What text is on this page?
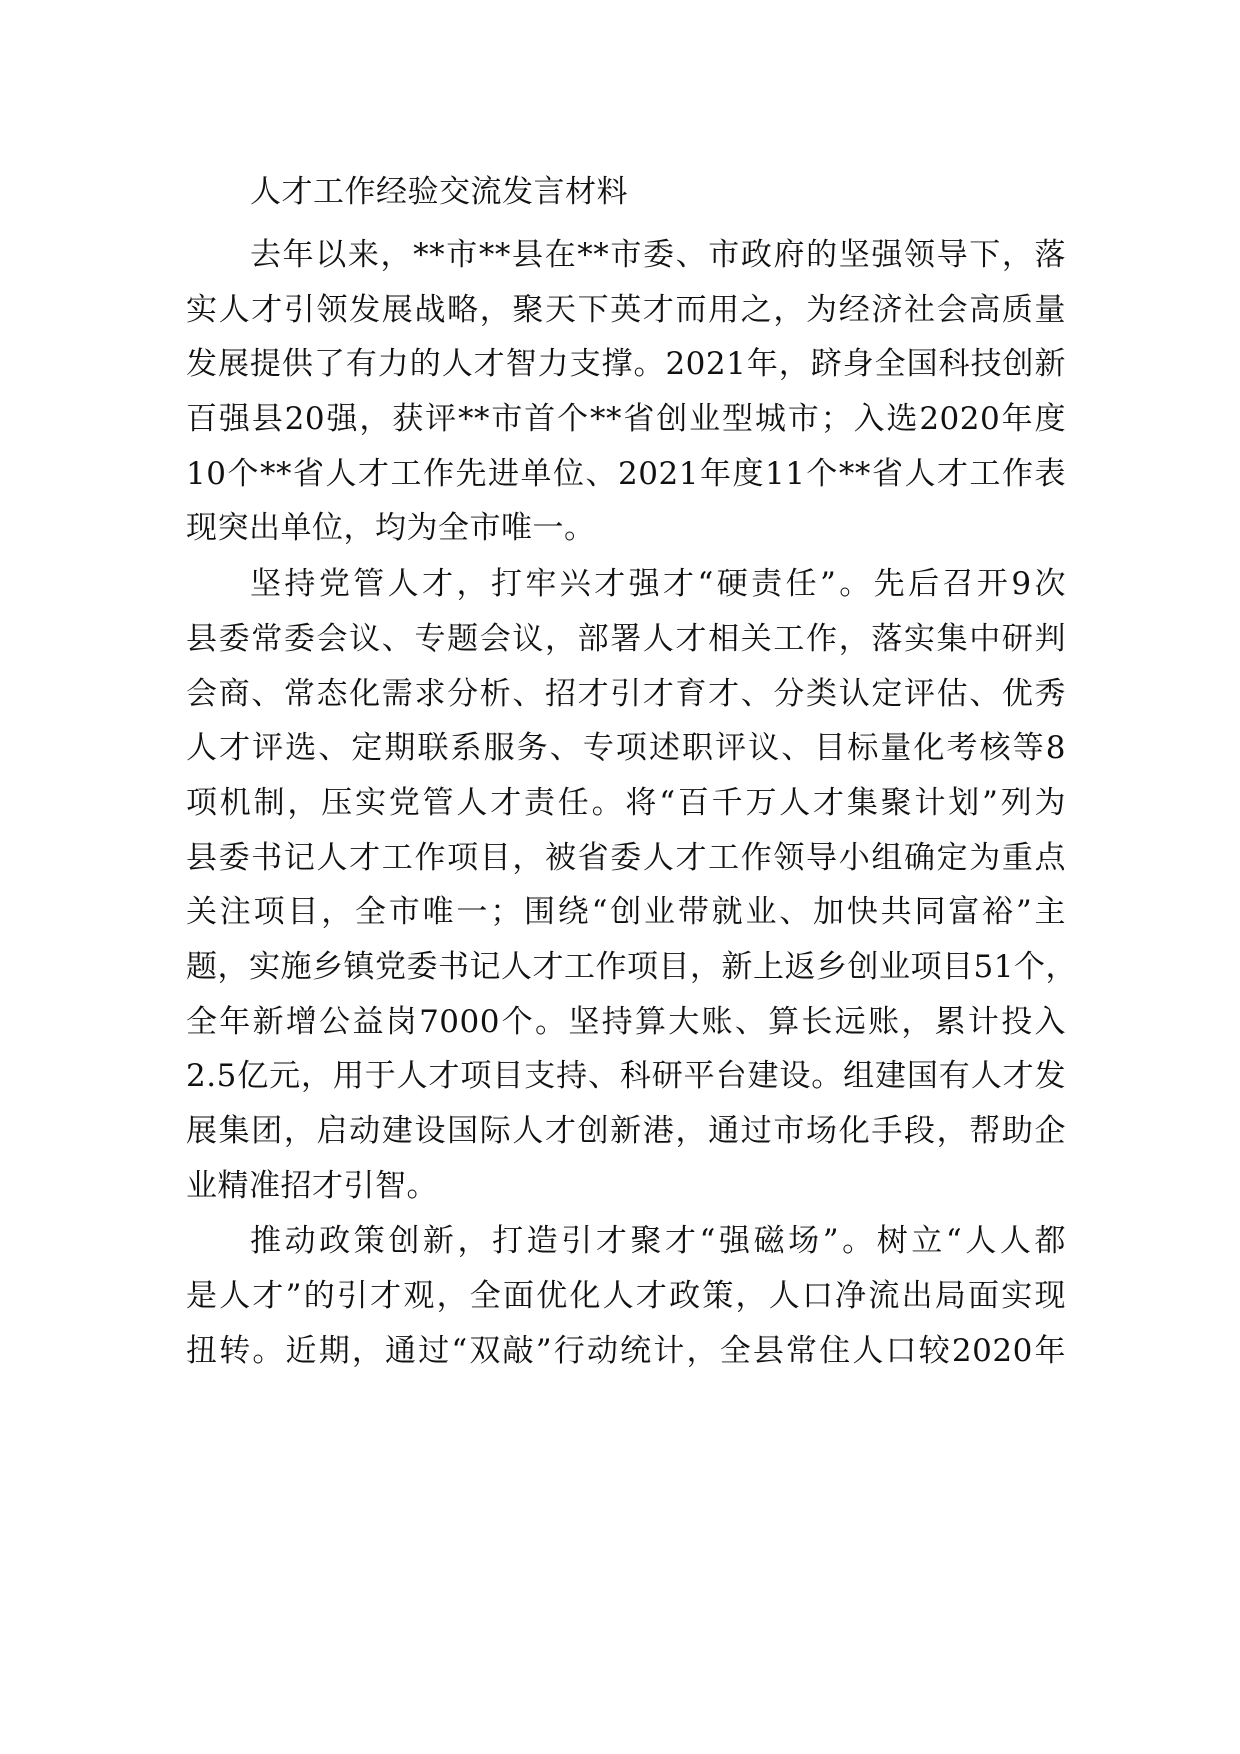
人才工作经验交流发言材料
去年以来，**市**县在**市委、市政府的坚强领导下，落
实人才引领发展战略，聚天下英才而用之，为经济社会高质量
发展提供了有力的人才智力支撑。2021年，跻身全国科技创新
百强县20强，获评**市首个**省创业型城市；入选2020年度
10个**省人才工作先进单位、2021年度11个**省人才工作表
现突出单位，均为全市唯一。
坚持党管人才，打牢兴才强才“硬责任”。先后召开9次
县委常委会议、专题会议，部署人才相关工作，落实集中研判
会商、常态化需求分析、招才引才育才、分类认定评估、优秀
人才评选、定期联系服务、专项述职评议、目标量化考核等8
项机制，压实党管人才责任。将“百千万人才集聚计划”列为
县委书记人才工作项目，被省委人才工作领导小组确定为重点
关注项目，全市唯一；围绕“创业带就业、加快共同富裕”主
题，实施乡镇党委书记人才工作项目，新上返乡创业项目51个，
全年新增公益岗7000个。坚持算大账、算长远账，累计投入
2.5亿元，用于人才项目支持、科研平台建设。组建国有人才发
展集团，启动建设国际人才创新港，通过市场化手段，帮助企
业精准招才引智。
推动政策创新，打造引才聚才“强磁场”。树立“人人都
是人才”的引才观，全面优化人才政策，人口净流出局面实现
扭转。近期，通过“双敲”行动统计，全县常住人口较2020年
